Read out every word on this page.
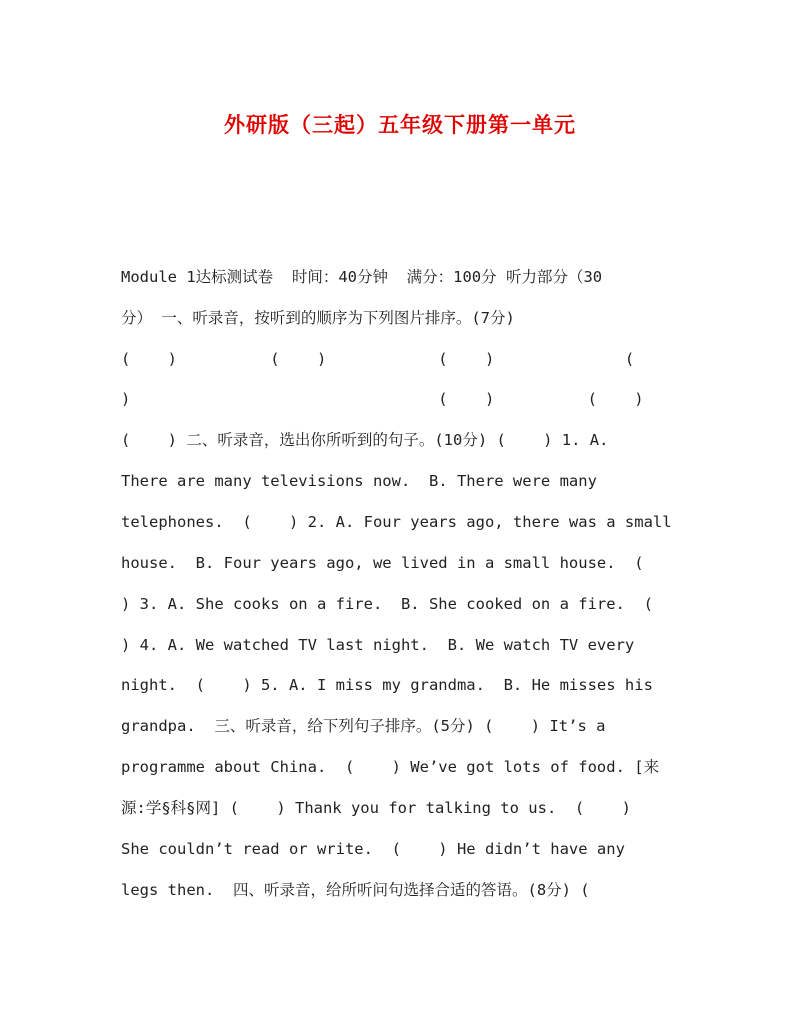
外研版（三起）五年级下册第一单元
Module 1达标测试卷  时间：40分钟  满分：100分 听力部分（30
分） 一、听录音，按听到的顺序为下列图片排序。(7分)
(    )          (    )            (    )              (
)                                 (    )          (    )
(    ) 二、听录音，选出你所听到的句子。(10分) (    ) 1. A.
There are many televisions now.  B. There were many
telephones.  (    ) 2. A. Four years ago, there was a small
house.  B. Four years ago, we lived in a small house.  (
) 3. A. She cooks on a fire.  B. She cooked on a fire.  (
) 4. A. We watched TV last night.  B. We watch TV every
night.  (    ) 5. A. I miss my grandma.  B. He misses his
grandpa.  三、听录音，给下列句子排序。(5分) (    ) It’s a
programme about China.  (    ) We’ve got lots of food. [来
源:学§科§网] (    ) Thank you for talking to us.  (    )
She couldn’t read or write.  (    ) He didn’t have any
legs then.  四、听录音，给所听问句选择合适的答语。(8分) (
